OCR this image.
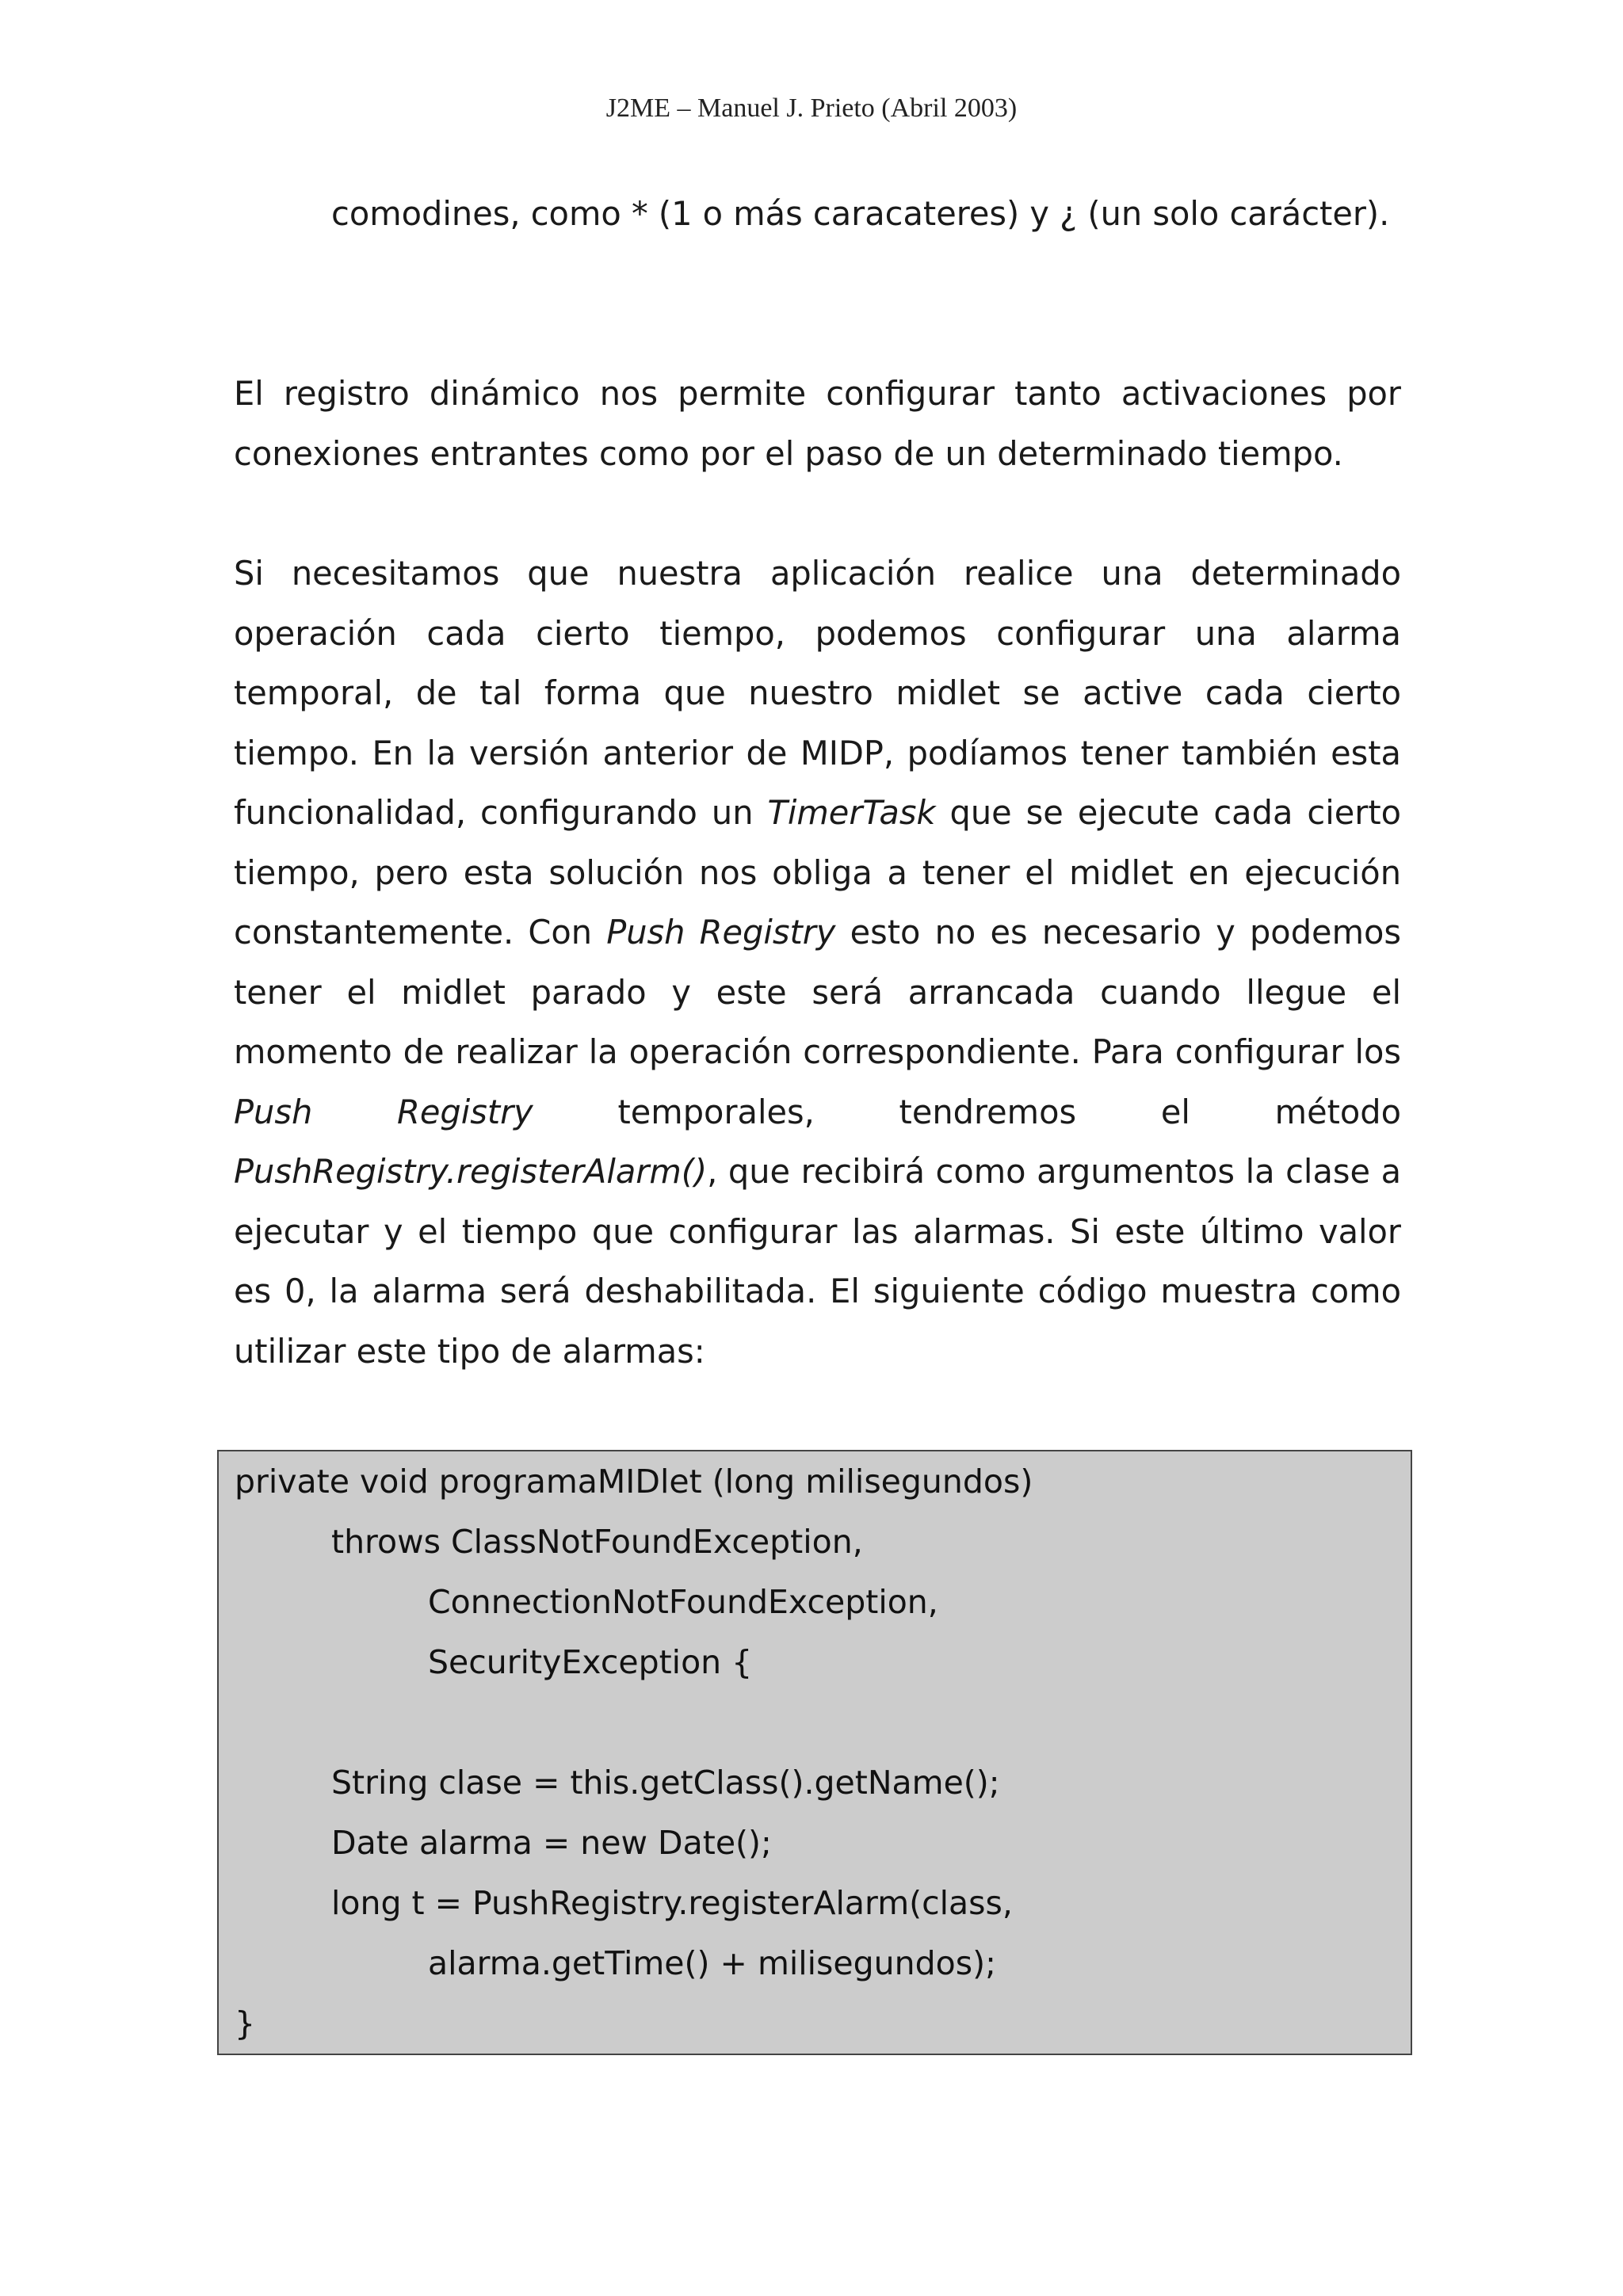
J2ME – Manuel J. Prieto (Abril 2003)

comodines, como * (1 o más caracateres) y ¿ (un solo carácter).

El registro dinámico nos permite configurar tanto activaciones por conexiones entrantes como por el paso de un determinado tiempo.

Si necesitamos que nuestra aplicación realice una determinado operación cada cierto tiempo, podemos configurar una alarma temporal, de tal forma que nuestro midlet se active cada cierto tiempo. En la versión anterior de MIDP, podíamos tener también esta funcionalidad, configurando un TimerTask que se ejecute cada cierto tiempo, pero esta solución nos obliga a tener el midlet en ejecución constantemente. Con Push Registry esto no es necesario y podemos tener el midlet parado y este será arrancada cuando llegue el momento de realizar la operación correspondiente. Para configurar los Push Registry temporales, tendremos el método PushRegistry.registerAlarm(), que recibirá como argumentos la clase a ejecutar y el tiempo que configurar las alarmas. Si este último valor es 0, la alarma será deshabilitada. El siguiente código muestra como utilizar este tipo de alarmas:

private void programaMIDlet (long milisegundos)
throws ClassNotFoundException,
ConnectionNotFoundException,
SecurityException {
String clase = this.getClass().getName();
Date alarma = new Date();
long t = PushRegistry.registerAlarm(class,
alarma.getTime() + milisegundos);
}
